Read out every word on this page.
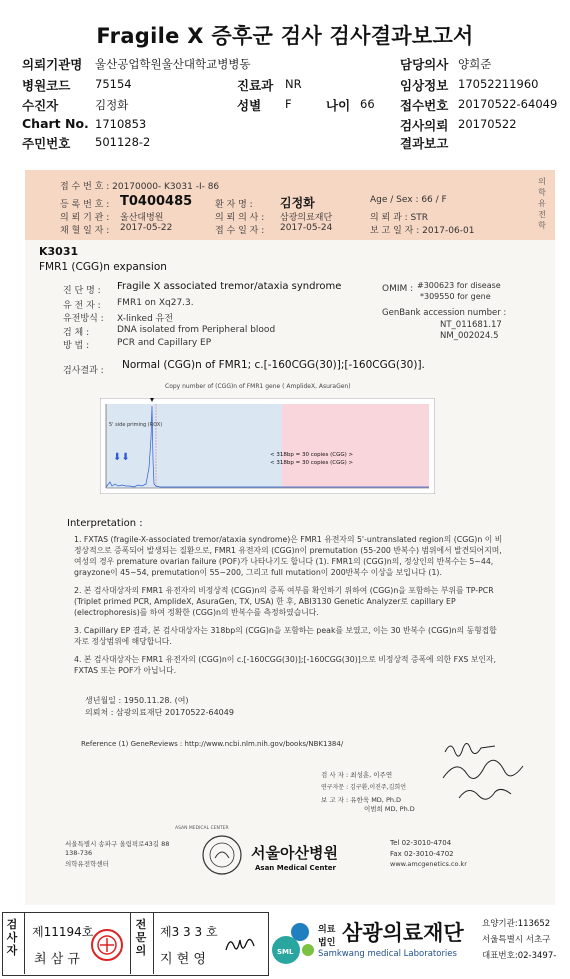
Fragile X 증후군 검사 검사결과보고서
의뢰기관명 울산공업학원울산대학교병병동	담당의사 양희준
병원코드 75154	진료과 NR	임상정보 17052211960
수진자	김정화	성별 F	나이 66 접수번호 20170522-64049
Chart No. 1710853	검사의뢰 20170522
주민번호 501128-2	결과보고
접 수 번 호 : 20170000- K3031 -I- 86
등 록 번 호 : T0400485	환 자 명 : 김정화	Age / Sex : 66 / F
의 뢰 기 관 : 울산대병원	의 뢰 의 사 : 삼광의료재단	의 뢰 과 : STR
채 혈 일 자 : 2017-05-22	접 수 일 자 : 2017-05-24	보 고 일 자 : 2017-06-01
의 학 유 전 학
K3031
FMR1 (CGG)n expansion
진 단 명 : Fragile X associated tremor/ataxia syndrome
유 전 자 : FMR1 on Xq27.3.
유전방식 : X-linked 유전
검 체 :	DNA isolated from Peripheral blood
방 법 :	PCR and Capillary EP
OMIM : #300623 for disease
*309550 for gene
GenBank accession number :
NT_011681.17
NM_002024.5
검사결과 : Normal (CGG)n of FMR1; c.[-160CGG(30)];[-160CGG(30)].
Copy number of (CGG)n of FMR1 gene ( AmplideX, AsuraGen)
5' side priming (ROX)
⬇⬇	< 318bp = 30 copies (CGG) >
< 318bp = 30 copies (CGG) >
Interpretation :

1. FXTAS (fragile-X-associated tremor/ataxia syndrome)은 FMR1 유전자의 5'-untranslated region의 (CGG)n 이 비정상적으로 증폭되어 발생되는 질환으로, FMR1 유전자의 (CGG)n이 premutation (55-200 반복수) 범위에서 발견되어지며, 여성의 경우 premature ovarian failure (POF)가 나타나기도 합니다 (1). FMR1의 (CGG)n의, 정상인의 반복수는 5~44, grayzone이 45~54, premutation이 55~200, 그리고 full mutation이 200반복수 이상을 보입니다 (1).

2. 본 검사대상자의 FMR1 유전자의 비정상적 (CGG)n의 증폭 여부를 확인하기 위하여 (CGG)n을 포함하는 부위를 TP-PCR (Triplet primed PCR, AmplideX, AsuraGen, TX, USA) 한 후, ABI3130 Genetic Analyzer로 capillary EP (electrophoresis)를 하여 정확한 (CGG)n의 반복수를 측정하였습니다.

3. Capillary EP 결과, 본 검사대상자는 318bp의 (CGG)n을 포함하는 peak를 보였고, 이는 30 반복수 (CGG)n의 동형접합자로 정상범위에 해당합니다.

4. 본 검사대상자는 FMR1 유전자의 (CGG)n이 c.[-160CGG(30)];[-160CGG(30)]으로 비정상적 증폭에 의한 FXS 보인자, FXTAS 또는 POF가 아닙니다.

생년월일 : 1950.11.28. (여)
의뢰처 : 삼광의료재단 20170522-64049
Reference (1) GeneReviews : http://www.ncbi.nlm.nih.gov/books/NBK1384/
검 사 자 : 최성훈, 이주연
연구자문 : 김구환,이진주,김희언
보 고 자 : 유한욱 MD, Ph.D
이범희 MD, Ph.D
서울특별시 송파구 올림픽로43길 88
138-736
의학유전학센터
ASAN MEDICAL CENTER
서울아산병원
Asan Medical Center
Tel 02-3010-4704
Fax 02-3010-4702
www.amcgenetics.co.kr
검사자
제11194호
최 삼 규
전문의
제3 3 3 호
지 현 영	SML
의료
법인 삼광의료재단
Samkwang medical Laboratories
요양기관:113652
서울특별시 서초구
대표번호:02-3497-
